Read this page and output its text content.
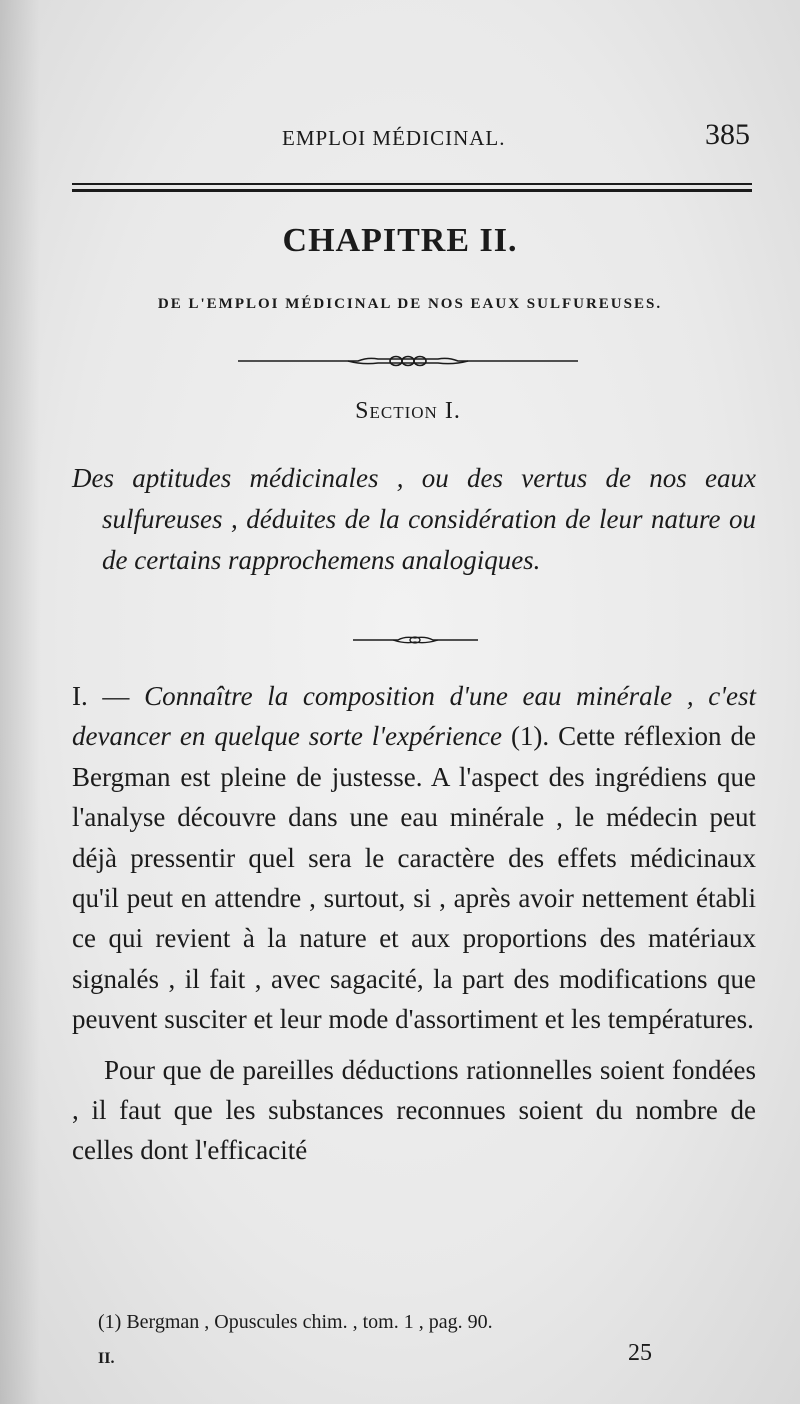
EMPLOI MÉDICINAL.	385
CHAPITRE II.
DE L'EMPLOI MÉDICINAL DE NOS EAUX SULFUREUSES.
Section I.
Des aptitudes médicinales , ou des vertus de nos eaux sulfureuses , déduites de la considération de leur nature ou de certains rapprochemens analogiques.

I. — Connaître la composition d'une eau minérale , c'est devancer en quelque sorte l'expérience (1). Cette réflexion de Bergman est pleine de justesse. A l'aspect des ingrédiens que l'analyse découvre dans une eau minérale , le médecin peut déjà pressentir quel sera le caractère des effets médicinaux qu'il peut en attendre , surtout, si , après avoir nettement établi ce qui revient à la nature et aux proportions des matériaux signalés , il fait , avec sagacité, la part des modifications que peuvent susciter et leur mode d'assortiment et les températures.

Pour que de pareilles déductions rationnelles soient fondées , il faut que les substances reconnues soient du nombre de celles dont l'efficacité

(1) Bergman , Opuscules chim. , tom. 1 , pag. 90.
II.	25
